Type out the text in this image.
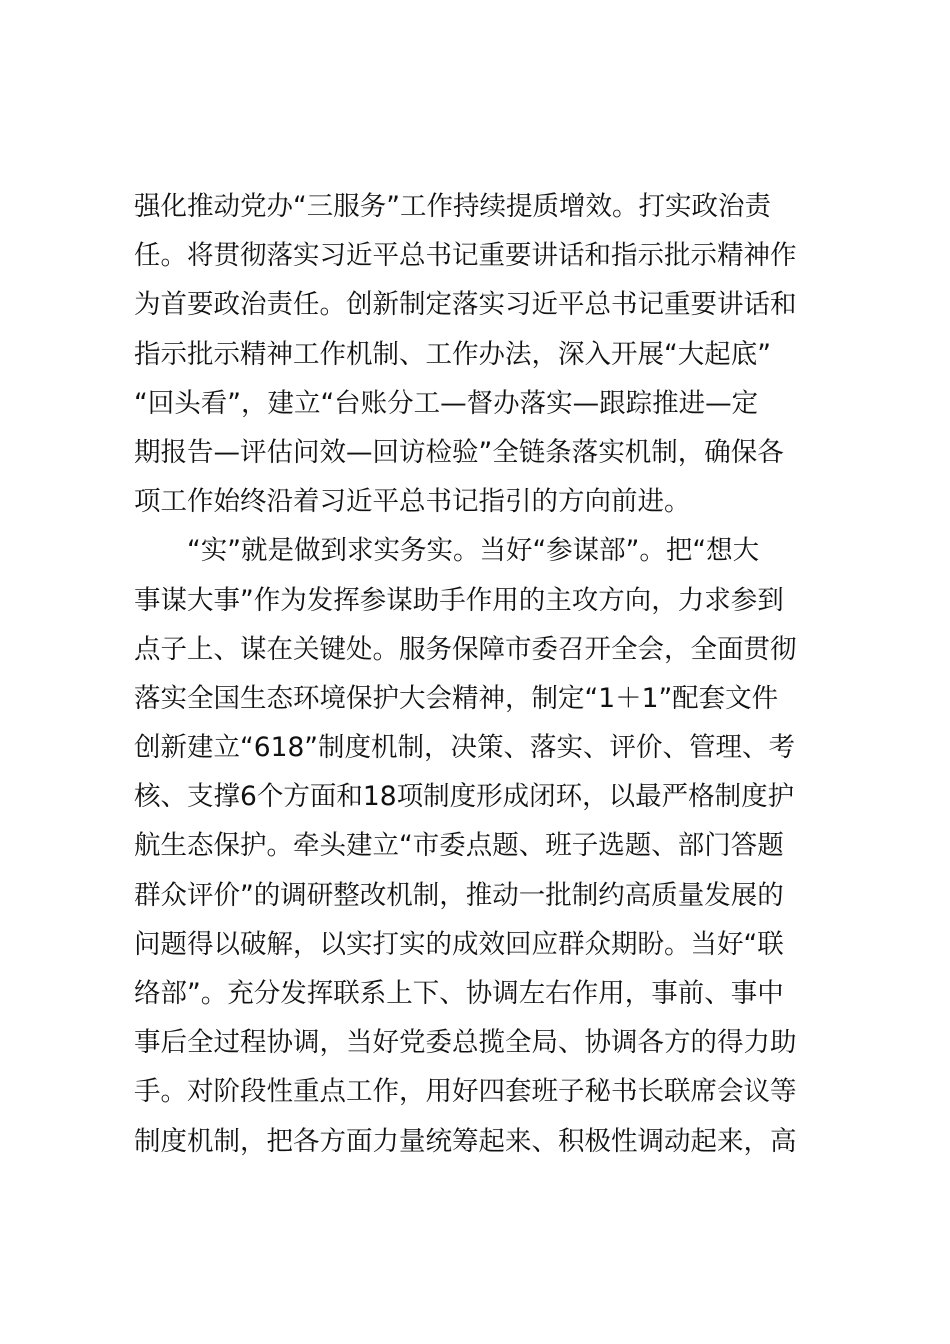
强化推动党办“三服务”工作持续提质增效。打实政治责
任。将贯彻落实习近平总书记重要讲话和指示批示精神作
为首要政治责任。创新制定落实习近平总书记重要讲话和
指示批示精神工作机制、工作办法，深入开展“大起底”
“回头看”，建立“台账分工—督办落实—跟踪推进—定
期报告—评估问效—回访检验”全链条落实机制，确保各
项工作始终沿着习近平总书记指引的方向前进。
　　“实”就是做到求实务实。当好“参谋部”。把“想大
事谋大事”作为发挥参谋助手作用的主攻方向，力求参到
点子上、谋在关键处。服务保障市委召开全会，全面贯彻
落实全国生态环境保护大会精神，制定“1＋1”配套文件
创新建立“618”制度机制，决策、落实、评价、管理、考
核、支撑6个方面和18项制度形成闭环，以最严格制度护
航生态保护。牵头建立“市委点题、班子选题、部门答题
群众评价”的调研整改机制，推动一批制约高质量发展的
问题得以破解，以实打实的成效回应群众期盼。当好“联
络部”。充分发挥联系上下、协调左右作用，事前、事中
事后全过程协调，当好党委总揽全局、协调各方的得力助
手。对阶段性重点工作，用好四套班子秘书长联席会议等
制度机制，把各方面力量统筹起来、积极性调动起来，高
